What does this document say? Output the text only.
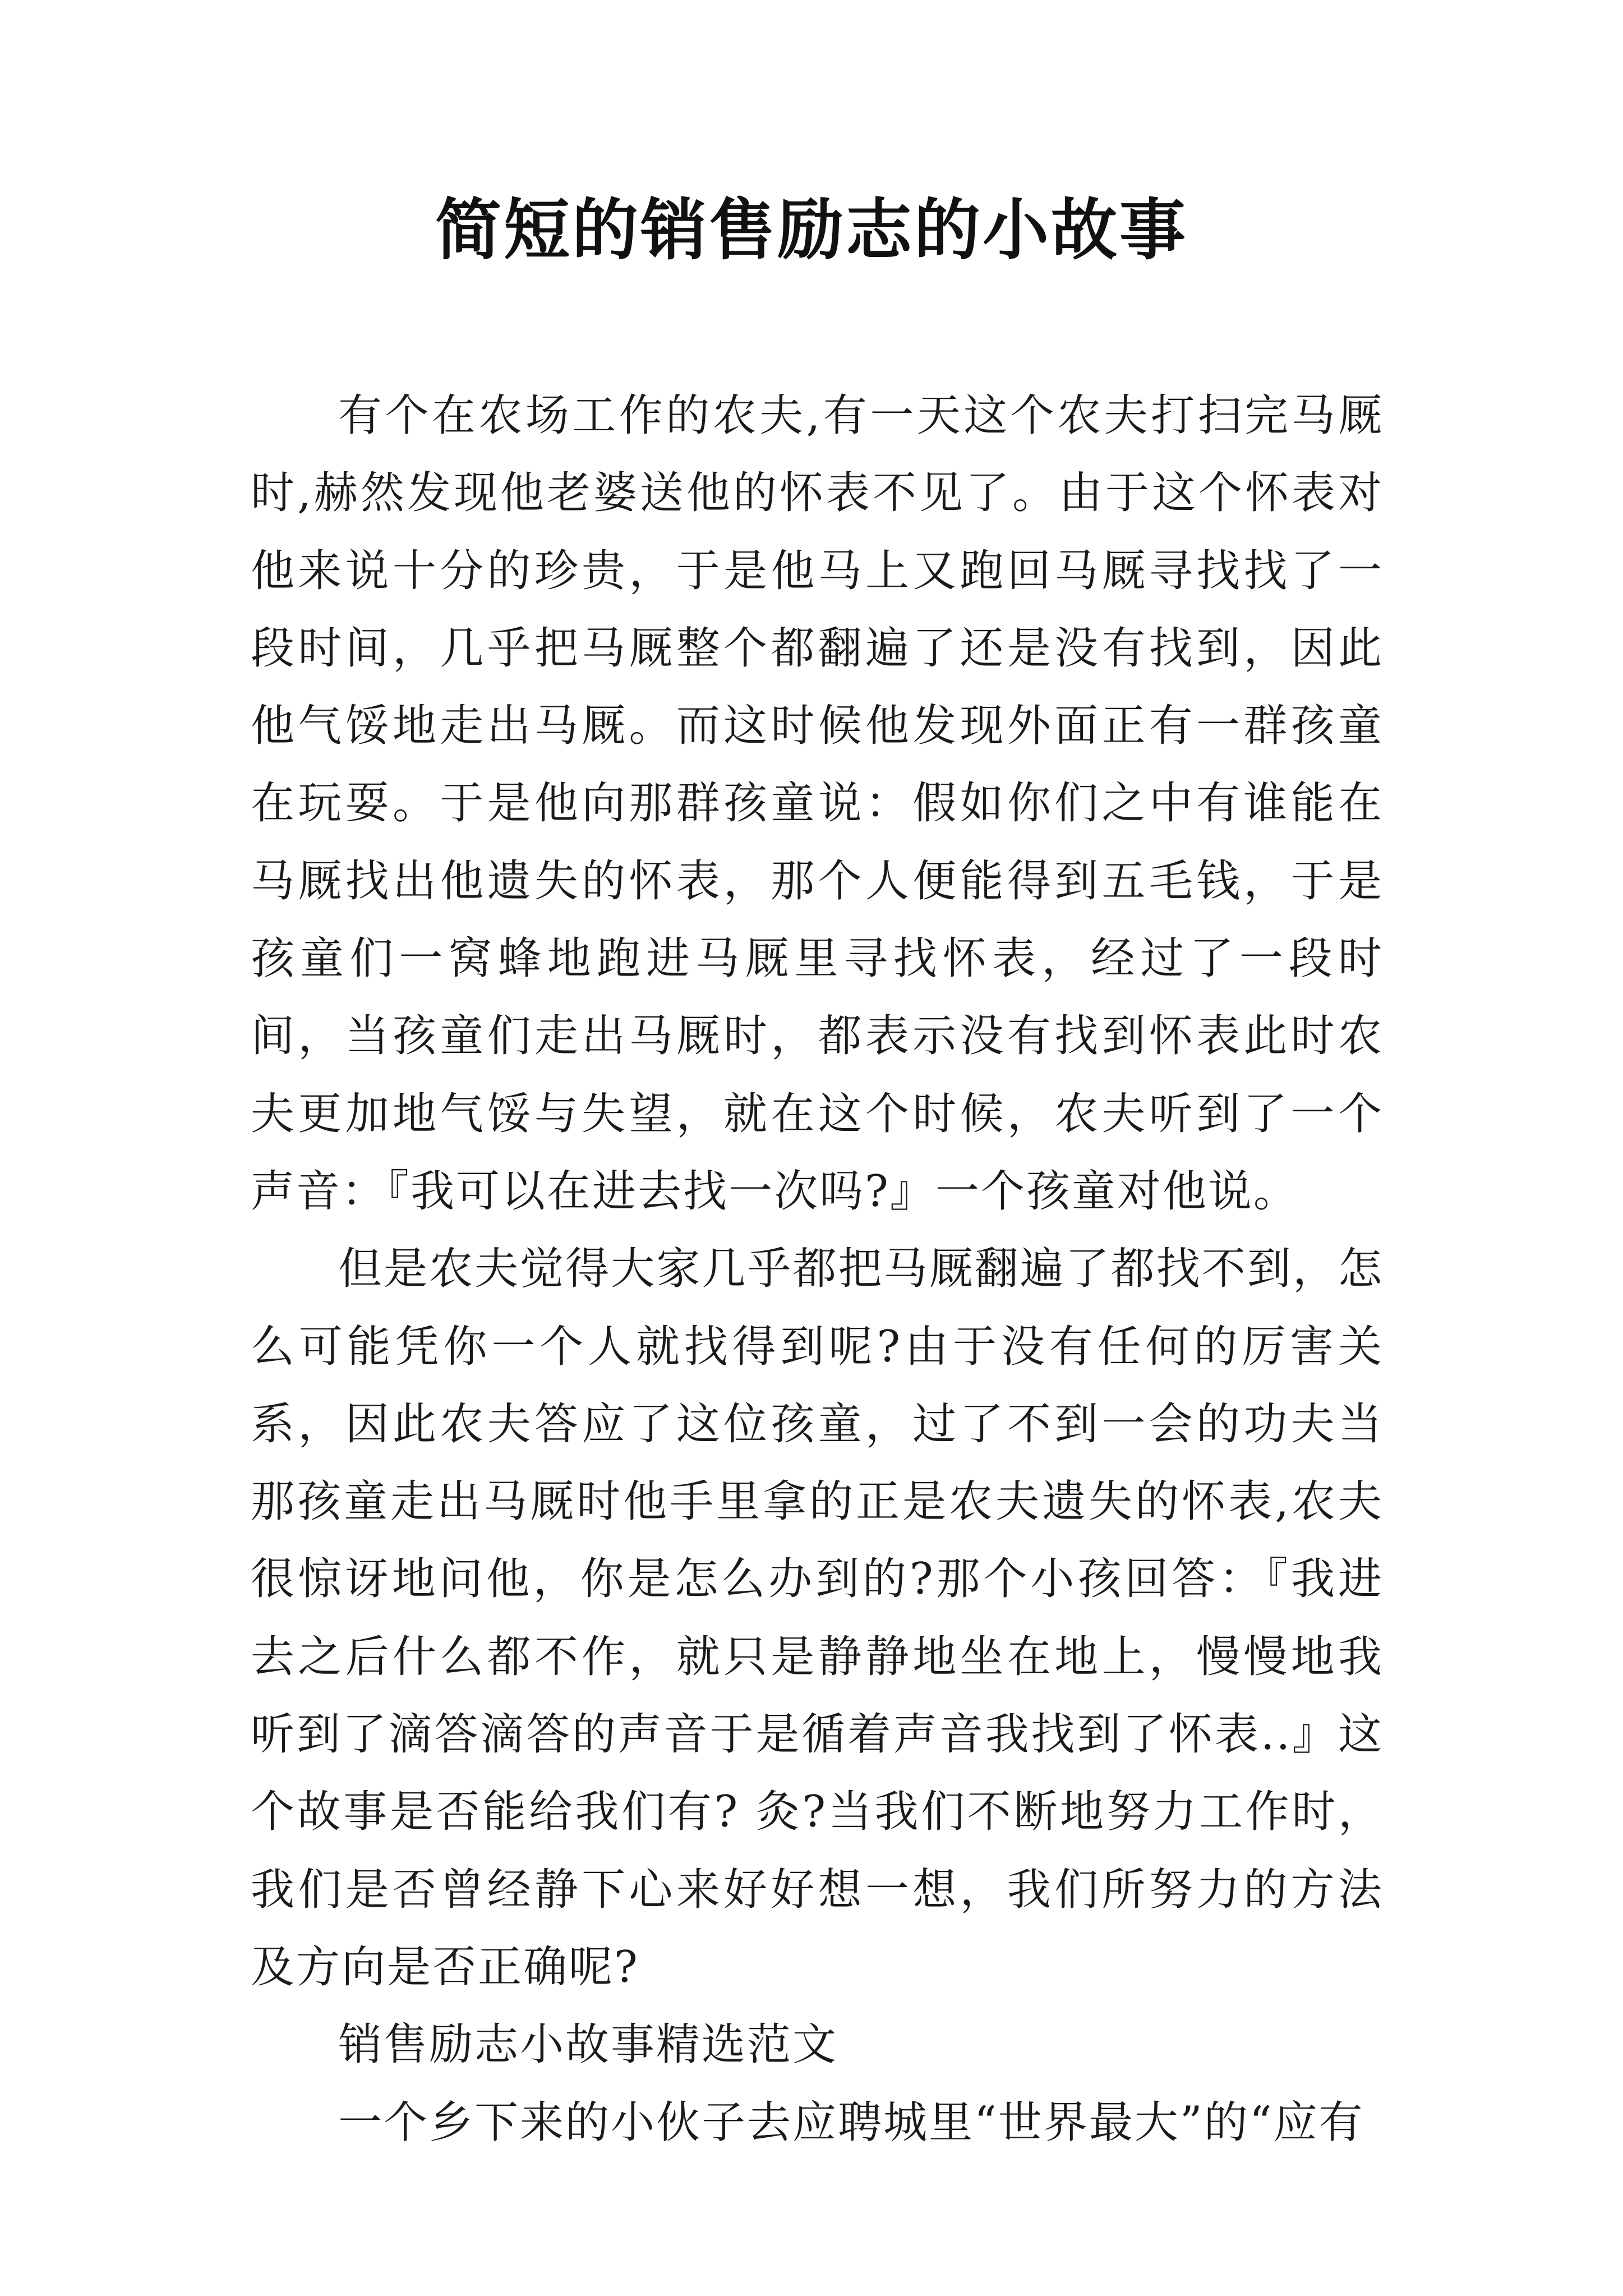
简短的销售励志的小故事

有个在农场工作的农夫,有一天这个农夫打扫完马厩时,赫然发现他老婆送他的怀表不见了。由于这个怀表对他来说十分的珍贵，于是他马上又跑回马厩寻找找了一段时间，几乎把马厩整个都翻遍了还是没有找到，因此他气馁地走出马厩。而这时候他发现外面正有一群孩童在玩耍。于是他向那群孩童说：假如你们之中有谁能在马厩找出他遗失的怀表，那个人便能得到五毛钱，于是孩童们一窝蜂地跑进马厩里寻找怀表，经过了一段时间，当孩童们走出马厩时，都表示没有找到怀表此时农夫更加地气馁与失望，就在这个时候，农夫听到了一个声音：『我可以在进去找一次吗?』一个孩童对他说。

但是农夫觉得大家几乎都把马厩翻遍了都找不到，怎么可能凭你一个人就找得到呢?由于没有任何的厉害关系，因此农夫答应了这位孩童，过了不到一会的功夫当那孩童走出马厩时他手里拿的正是农夫遗失的怀表,农夫很惊讶地问他，你是怎么办到的?那个小孩回答：『我进去之后什么都不作，就只是静静地坐在地上，慢慢地我听到了滴答滴答的声音于是循着声音我找到了怀表..』这个故事是否能给我们有? 灸?当我们不断地努力工作时，我们是否曾经静下心来好好想一想，我们所努力的方法及方向是否正确呢?

销售励志小故事精选范文

一个乡下来的小伙子去应聘城里“世界最大”的“应有
